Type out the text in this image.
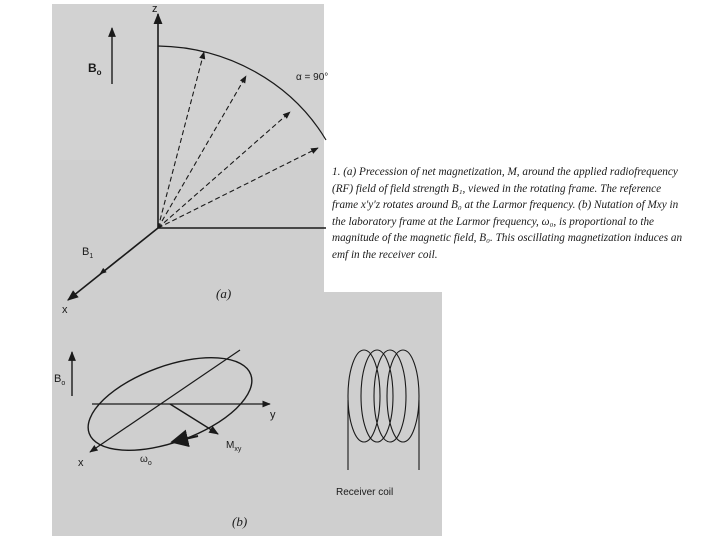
z
x
$B_1$
$B_o$	α = 90°
(a)
$B_o$
y
x
$M_{xy}$
$\omega_o$
Receiver coil
(b)
1. (a) Precession of net magnetization, M, around the applied radiofrequency (RF) field of field strength B₁, viewed in the rotating frame. The reference frame x′y′z rotates around B₀ at the Larmor frequency. (b) Nutation of Mxy in the laboratory frame at the Larmor frequency, ω₀, is proportional to the magnitude of the magnetic field, B₀. This oscillating magnetization induces an emf in the receiver coil.
